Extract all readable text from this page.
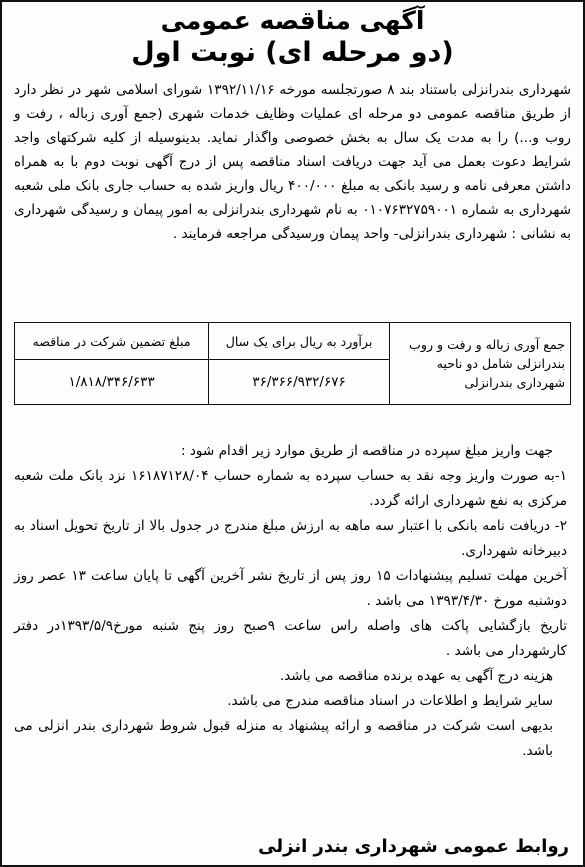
آگهی مناقصه عمومی
(دو مرحله ای) نوبت اول

شهرداری بندرانزلی باستناد بند ۸ صورتجلسه مورخه ۱۳۹۲/۱۱/۱۶ شورای اسلامی شهر در نظر دارد از طریق مناقصه عمومی دو مرحله ای عملیات وظایف خدمات شهری (جمع آوری زباله ، رفت و روب و...) را به مدت یک سال به بخش خصوصی واگذار نماید. بدینوسیله از کلیه شرکتهای واجد شرایط دعوت بعمل می آید جهت دریافت اسناد مناقصه پس از درج آگهی نوبت دوم با به همراه داشتن معرفی نامه و رسید بانکی به مبلغ ۴۰۰/۰۰۰ ریال واریز شده به حساب جاری بانک ملی شعبه شهرداری به شماره ۰۱۰۷۶۳۲۷۵۹۰۰۱ به نام شهرداری بندرانزلی به امور پیمان و رسیدگی شهرداری به نشانی : شهرداری بندرانزلی- واحد پیمان ورسیدگی مراجعه فرمایند .

جمع آوری زباله و رفت و روب بندرانزلی شامل دو ناحیه شهرداری بندرانزلی	برآورد به ریال برای یک سال	مبلغ تضمین شرکت در مناقصه
	۳۶/۳۶۶/۹۳۲/۶۷۶	۱/۸۱۸/۳۴۶/۶۳۳

جهت واریز مبلغ سپرده در مناقصه از طریق موارد زیر اقدام شود :

۱-به صورت واریز وجه نقد به حساب سپرده به شماره حساب ۱۶۱۸۷۱۲۸/۰۴ نزد بانک ملت شعبه مرکزی به نفع شهرداری ارائه گردد.

۲- دریافت نامه بانکی با اعتبار سه ماهه به ارزش مبلغ مندرج در جدول بالا از تاریخ تحویل اسناد به دبیرخانه شهرداری.

آخرین مهلت تسلیم پیشنهادات ۱۵ روز پس از تاریخ نشر آخرین آگهی تا پایان ساعت ۱۳ عصر روز دوشنبه مورخ ۱۳۹۳/۴/۳۰ می باشد .

تاریخ بازگشایی پاکت های واصله راس ساعت ۹صبح روز پنج شنبه مورخ۱۳۹۳/۵/۹در دفتر کارشهردار می باشد .

هزینه درج آگهی به عهده برنده مناقصه می باشد.

سایر شرایط و اطلاعات در اسناد مناقصه مندرج می باشد.

بدیهی است شرکت در مناقصه و ارائه پیشنهاد به منزله قبول شروط شهرداری بندر انزلی می باشد.

روابط عمومی شهرداری بندر انزلی
